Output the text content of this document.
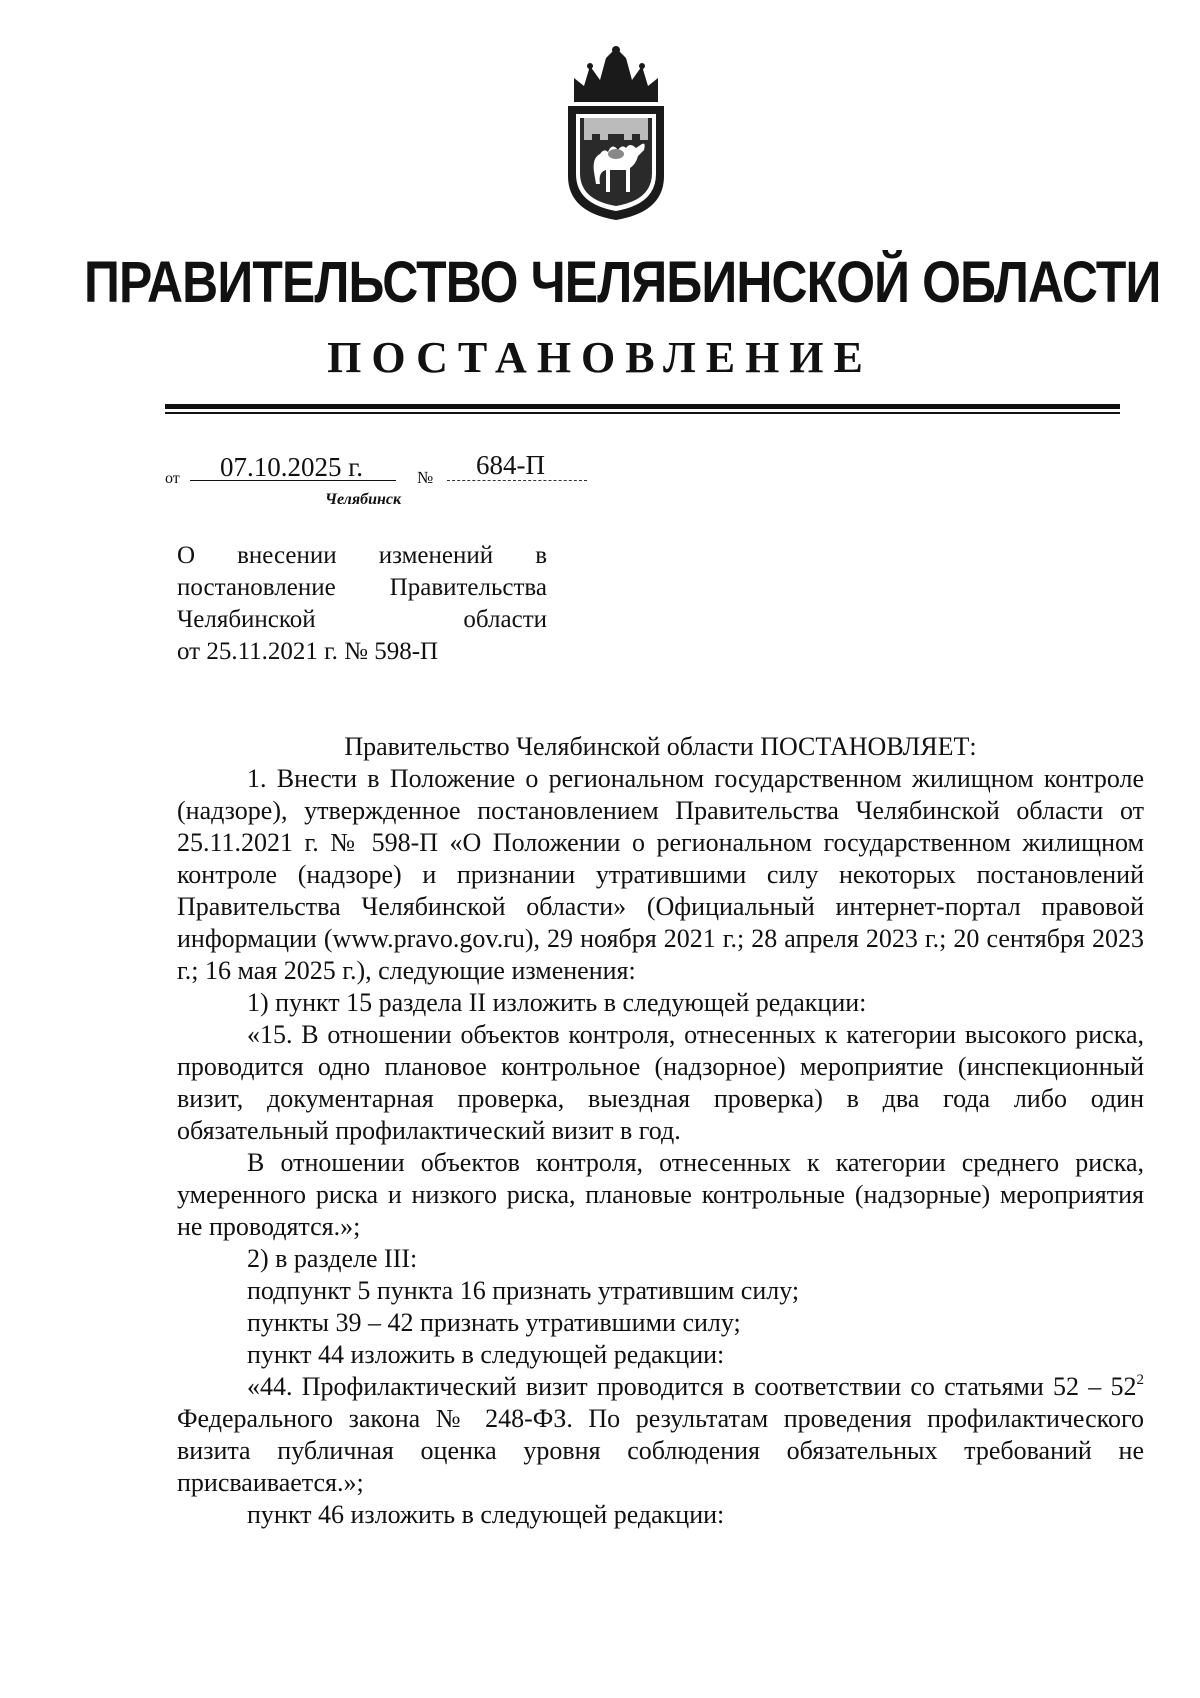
ПРАВИТЕЛЬСТВО ЧЕЛЯБИНСКОЙ ОБЛАСТИ
ПОСТАНОВЛЕНИЕ
от 07.10.2025 г.	№ 684-П
Челябинск
О внесении изменений в
постановление Правительства
Челябинской области
от 25.11.2021 г. № 598-П

Правительство Челябинской области ПОСТАНОВЛЯЕТ:

1. Внести в Положение о региональном государственном жилищном контроле (надзоре), утвержденное постановлением Правительства Челябинской области от 25.11.2021 г. № 598-П «О Положении о региональном государственном жилищном контроле (надзоре) и признании утратившими силу некоторых постановлений Правительства Челябинской области» (Официальный интернет-портал правовой информации (www.pravo.gov.ru), 29 ноября 2021 г.; 28 апреля 2023 г.; 20 сентября 2023 г.; 16 мая 2025 г.), следующие изменения:

1) пункт 15 раздела II изложить в следующей редакции:

«15. В отношении объектов контроля, отнесенных к категории высокого риска, проводится одно плановое контрольное (надзорное) мероприятие (инспекционный визит, документарная проверка, выездная проверка) в два года либо один обязательный профилактический визит в год.

В отношении объектов контроля, отнесенных к категории среднего риска, умеренного риска и низкого риска, плановые контрольные (надзорные) мероприятия не проводятся.»;

2) в разделе III:

подпункт 5 пункта 16 признать утратившим силу;

пункты 39 – 42 признать утратившими силу;

пункт 44 изложить в следующей редакции:

«44. Профилактический визит проводится в соответствии со статьями $52 - 52^2$ Федерального закона № 248-ФЗ. По результатам проведения профилактического визита публичная оценка уровня соблюдения обязательных требований не присваивается.»;

пункт 46 изложить в следующей редакции:
